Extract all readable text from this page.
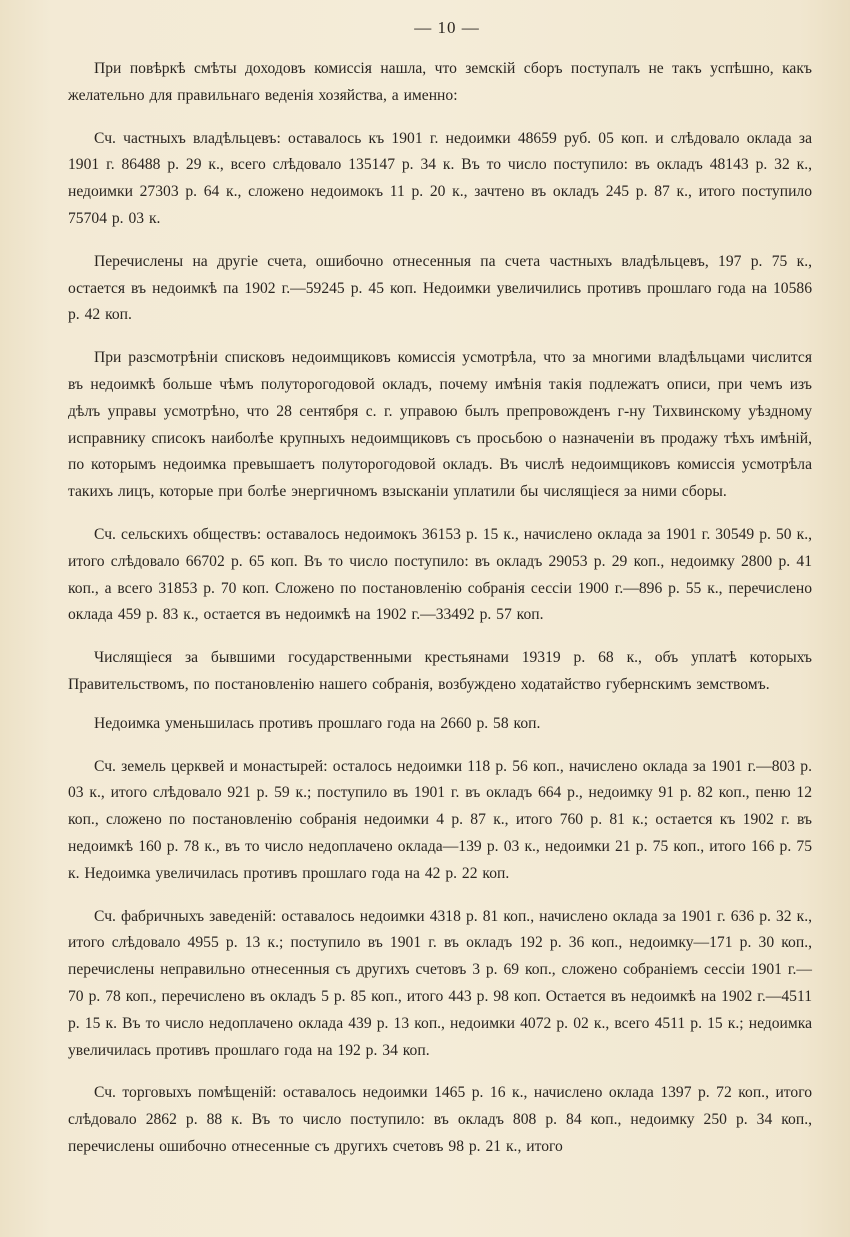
— 10 —

При повѣркѣ смѣты доходовъ комиссія нашла, что земскій сборъ поступалъ не такъ успѣшно, какъ желательно для правильнаго веденія хозяйства, а именно:

Сч. частныхъ владѣльцевъ: оставалось къ 1901 г. недоимки 48659 руб. 05 коп. и слѣдовало оклада за 1901 г. 86488 р. 29 к., всего слѣдовало 135147 р. 34 к. Въ то число поступило: въ окладъ 48143 р. 32 к., недоимки 27303 р. 64 к., сложено недоимокъ 11 р. 20 к., зачтено въ окладъ 245 р. 87 к., итого поступило 75704 р. 03 к.

Перечислены на другіе счета, ошибочно отнесенныя па счета частныхъ владѣльцевъ, 197 р. 75 к., остается въ недоимкѣ па 1902 г.—59245 р. 45 коп. Недоимки увеличились противъ прошлаго года на 10586 р. 42 коп.

При разсмотрѣніи списковъ недоимщиковъ комиссія усмотрѣла, что за многими владѣльцами числится въ недоимкѣ больше чѣмъ полуторогодовой окладъ, почему имѣнія такія подлежатъ описи, при чемъ изъ дѣлъ управы усмотрѣно, что 28 сентября с. г. управою былъ препровожденъ г-ну Тихвинскому уѣздному исправнику списокъ наиболѣе крупныхъ недоимщиковъ съ просьбою о назначеніи въ продажу тѣхъ имѣній, по которымъ недоимка превышаетъ полуторогодовой окладъ. Въ числѣ недоимщиковъ комиссія усмотрѣла такихъ лицъ, которые при болѣе энергичномъ взысканіи уплатили бы числящіеся за ними сборы.

Сч. сельскихъ обществъ: оставалось недоимокъ 36153 р. 15 к., начислено оклада за 1901 г. 30549 р. 50 к., итого слѣдовало 66702 р. 65 коп. Въ то число поступило: въ окладъ 29053 р. 29 коп., недоимку 2800 р. 41 коп., а всего 31853 р. 70 коп. Сложено по постановленію собранія сессіи 1900 г.—896 р. 55 к., перечислено оклада 459 р. 83 к., остается въ недоимкѣ на 1902 г.—33492 р. 57 коп.

Числящіеся за бывшими государственными крестьянами 19319 р. 68 к., объ уплатѣ которыхъ Правительствомъ, по постановленію нашего собранія, возбуждено ходатайство губернскимъ земствомъ.

Недоимка уменьшилась противъ прошлаго года на 2660 р. 58 коп.

Сч. земель церквей и монастырей: осталось недоимки 118 р. 56 коп., начислено оклада за 1901 г.—803 р. 03 к., итого слѣдовало 921 р. 59 к.; поступило въ 1901 г. въ окладъ 664 р., недоимку 91 р. 82 коп., пеню 12 коп., сложено по постановленію собранія недоимки 4 р. 87 к., итого 760 р. 81 к.; остается къ 1902 г. въ недоимкѣ 160 р. 78 к., въ то число недоплачено оклада—139 р. 03 к., недоимки 21 р. 75 коп., итого 166 р. 75 к. Недоимка увеличилась противъ прошлаго года на 42 р. 22 коп.

Сч. фабричныхъ заведеній: оставалось недоимки 4318 р. 81 коп., начислено оклада за 1901 г. 636 р. 32 к., итого слѣдовало 4955 р. 13 к.; поступило въ 1901 г. въ окладъ 192 р. 36 коп., недоимку—171 р. 30 коп., перечислены неправильно отнесенныя съ другихъ счетовъ 3 р. 69 коп., сложено собраніемъ сессіи 1901 г.—70 р. 78 коп., перечислено въ окладъ 5 р. 85 коп., итого 443 р. 98 коп. Остается въ недоимкѣ на 1902 г.—4511 р. 15 к. Въ то число недоплачено оклада 439 р. 13 коп., недоимки 4072 р. 02 к., всего 4511 р. 15 к.; недоимка увеличилась противъ прошлаго года на 192 р. 34 коп.

Сч. торговыхъ помѣщеній: оставалось недоимки 1465 р. 16 к., начислено оклада 1397 р. 72 коп., итого слѣдовало 2862 р. 88 к. Въ то число поступило: въ окладъ 808 р. 84 коп., недоимку 250 р. 34 коп., перечислены ошибочно отнесенные съ другихъ счетовъ 98 р. 21 к., итого
